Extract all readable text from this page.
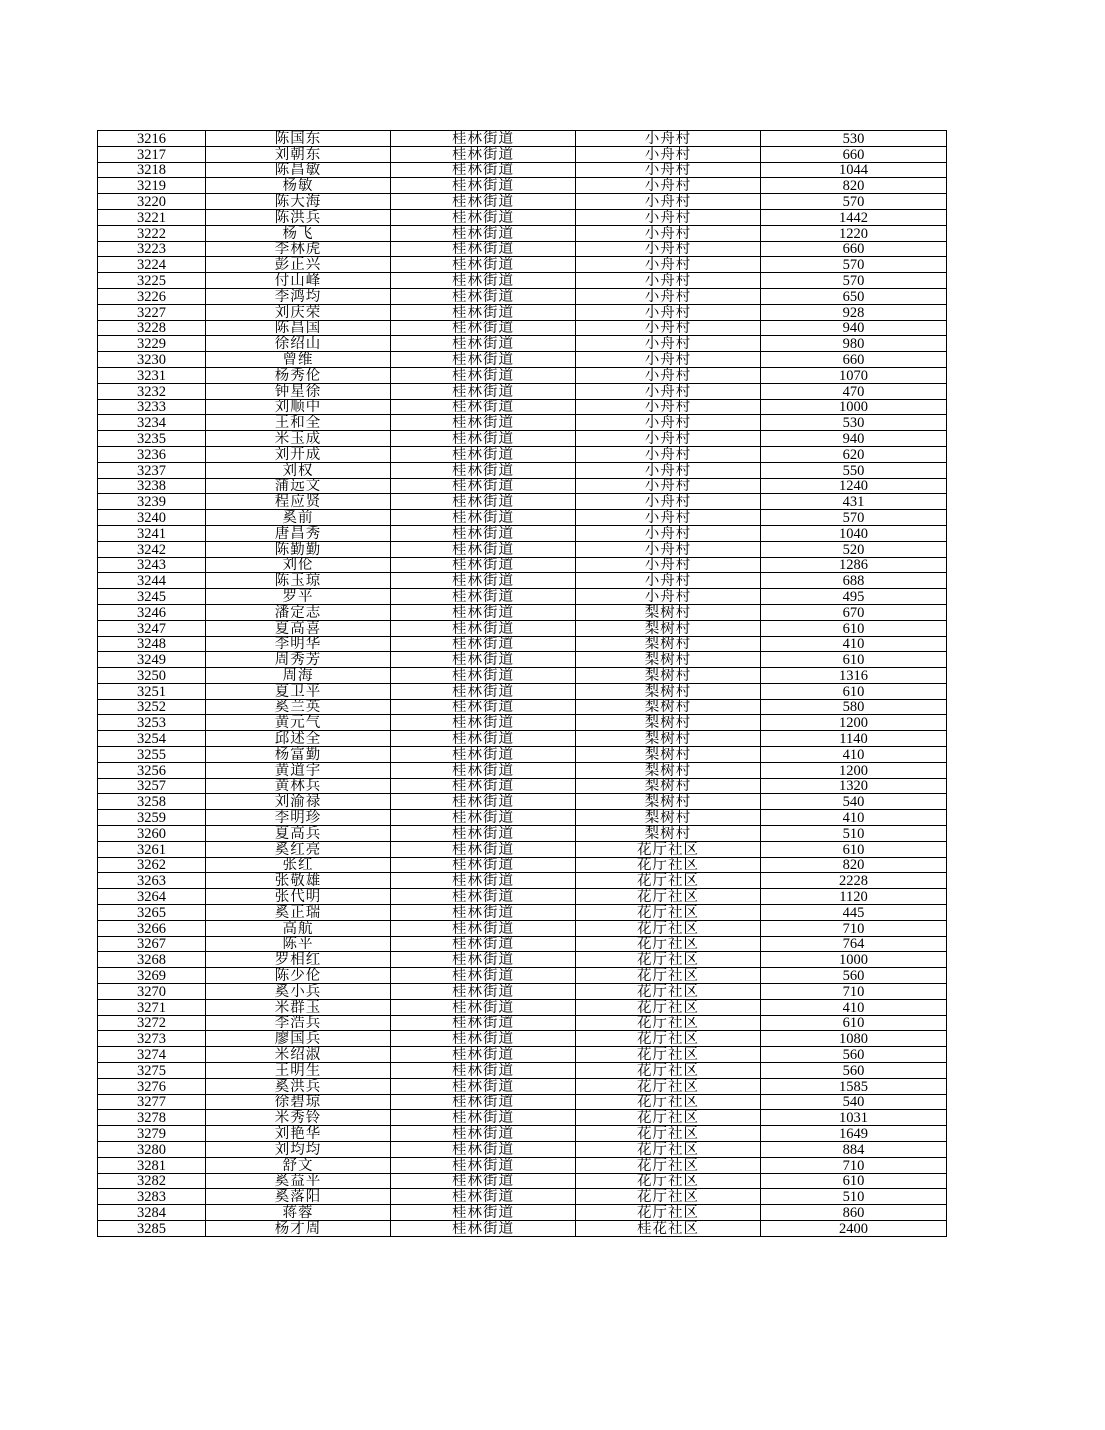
3216	陈国东	桂林街道	小舟村	530
3217	刘朝东	桂林街道	小舟村	660
3218	陈昌敏	桂林街道	小舟村	1044
3219	杨敏	桂林街道	小舟村	820
3220	陈大海	桂林街道	小舟村	570
3221	陈洪兵	桂林街道	小舟村	1442
3222	杨飞	桂林街道	小舟村	1220
3223	李林虎	桂林街道	小舟村	660
3224	彭正兴	桂林街道	小舟村	570
3225	付山峰	桂林街道	小舟村	570
3226	李鸿均	桂林街道	小舟村	650
3227	刘庆荣	桂林街道	小舟村	928
3228	陈昌国	桂林街道	小舟村	940
3229	徐绍山	桂林街道	小舟村	980
3230	曾维	桂林街道	小舟村	660
3231	杨秀伦	桂林街道	小舟村	1070
3232	钟星徐	桂林街道	小舟村	470
3233	刘顺中	桂林街道	小舟村	1000
3234	王和全	桂林街道	小舟村	530
3235	米玉成	桂林街道	小舟村	940
3236	刘开成	桂林街道	小舟村	620
3237	刘权	桂林街道	小舟村	550
3238	蒲远文	桂林街道	小舟村	1240
3239	程应贤	桂林街道	小舟村	431
3240	奚前	桂林街道	小舟村	570
3241	唐昌秀	桂林街道	小舟村	1040
3242	陈勤勤	桂林街道	小舟村	520
3243	刘伦	桂林街道	小舟村	1286
3244	陈玉琼	桂林街道	小舟村	688
3245	罗平	桂林街道	小舟村	495
3246	潘定志	桂林街道	梨树村	670
3247	夏高喜	桂林街道	梨树村	610
3248	李明华	桂林街道	梨树村	410
3249	周秀芳	桂林街道	梨树村	610
3250	周海	桂林街道	梨树村	1316
3251	夏卫平	桂林街道	梨树村	610
3252	奚兰英	桂林街道	梨树村	580
3253	黄元气	桂林街道	梨树村	1200
3254	邱述全	桂林街道	梨树村	1140
3255	杨富勤	桂林街道	梨树村	410
3256	黄道宇	桂林街道	梨树村	1200
3257	黄林兵	桂林街道	梨树村	1320
3258	刘渝禄	桂林街道	梨树村	540
3259	李明珍	桂林街道	梨树村	410
3260	夏高兵	桂林街道	梨树村	510
3261	奚红亮	桂林街道	花厅社区	610
3262	张红	桂林街道	花厅社区	820
3263	张敬雄	桂林街道	花厅社区	2228
3264	张代明	桂林街道	花厅社区	1120
3265	奚正瑞	桂林街道	花厅社区	445
3266	高航	桂林街道	花厅社区	710
3267	陈平	桂林街道	花厅社区	764
3268	罗相红	桂林街道	花厅社区	1000
3269	陈少伦	桂林街道	花厅社区	560
3270	奚小兵	桂林街道	花厅社区	710
3271	米群玉	桂林街道	花厅社区	410
3272	李浩兵	桂林街道	花厅社区	610
3273	廖国兵	桂林街道	花厅社区	1080
3274	米绍淑	桂林街道	花厅社区	560
3275	王明生	桂林街道	花厅社区	560
3276	奚洪兵	桂林街道	花厅社区	1585
3277	徐碧琼	桂林街道	花厅社区	540
3278	米秀铃	桂林街道	花厅社区	1031
3279	刘艳华	桂林街道	花厅社区	1649
3280	刘均均	桂林街道	花厅社区	884
3281	舒文	桂林街道	花厅社区	710
3282	奚益平	桂林街道	花厅社区	610
3283	奚落阳	桂林街道	花厅社区	510
3284	蒋蓉	桂林街道	花厅社区	860
3285	杨才周	桂林街道	桂花社区	2400
